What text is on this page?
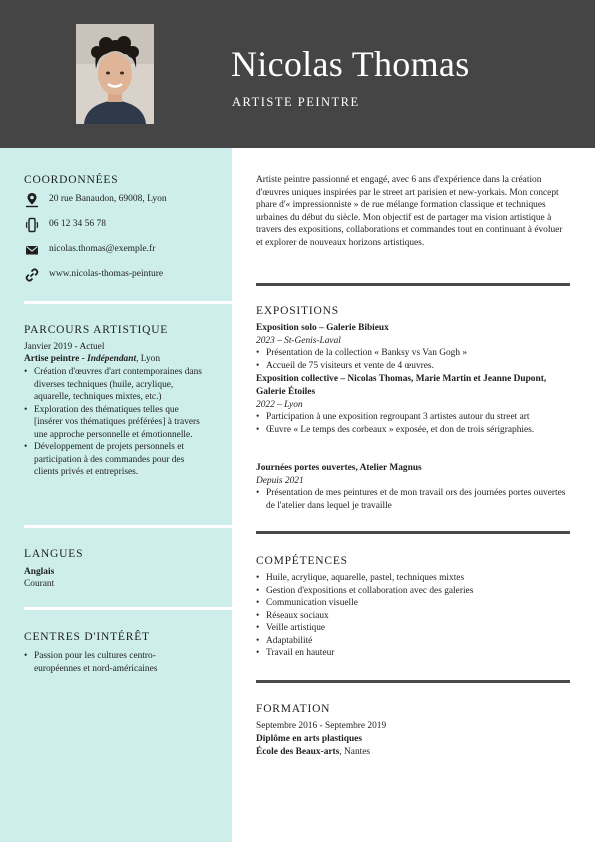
Nicolas Thomas
ARTISTE PEINTRE
COORDONNÉES
20 rue Banaudon, 69008, Lyon
06 12 34 56 78
nicolas.thomas@exemple.fr
www.nicolas-thomas-peinture
PARCOURS ARTISTIQUE
Janvier 2019 - Actuel
Artise peintre - Indépendant, Lyon
• Création d'œuvres d'art contemporaines dans diverses techniques (huile, acrylique, aquarelle, techniques mixtes, etc.)
• Exploration des thématiques telles que [insérer vos thématiques préférées] à travers une approche personnelle et émotionnelle.
• Développement de projets personnels et participation à des commandes pour des clients privés et entreprises.
LANGUES
Anglais
Courant
CENTRES D'INTÉRÊT
• Passion pour les cultures centro-européennes et nord-américaines
Artiste peintre passionné et engagé, avec 6 ans d'expérience dans la création d'œuvres uniques inspirées par le street art parisien et new-yorkais. Mon concept phare d'« impressionniste » de rue mélange formation classique et techniques urbaines du début du siècle. Mon objectif est de partager ma vision artistique à travers des expositions, collaborations et commandes tout en continuant à évoluer et explorer de nouveaux horizons artistiques.
EXPOSITIONS
Exposition solo – Galerie Bibieux
2023 – St-Genis-Laval
• Présentation de la collection « Banksy vs Van Gogh »
• Accueil de 75 visiteurs et vente de 4 œuvres.
Exposition collective – Nicolas Thomas, Marie Martin et Jeanne Dupont, Galerie Étoiles
2022 – Lyon
• Participation à une exposition regroupant 3 artistes autour du street art
• Œuvre « Le temps des corbeaux » exposée, et don de trois sérigraphies.
Journées portes ouvertes, Atelier Magnus
Depuis 2021
• Présentation de mes peintures et de mon travail ors des journées portes ouvertes de l'atelier dans lequel je travaille
COMPÉTENCES
• Huile, acrylique, aquarelle, pastel, techniques mixtes
• Gestion d'expositions et collaboration avec des galeries
• Communication visuelle
• Réseaux sociaux
• Veille artistique
• Adaptabilité
• Travail en hauteur
FORMATION
Septembre 2016 - Septembre 2019
Diplôme en arts plastiques
École des Beaux-arts, Nantes
